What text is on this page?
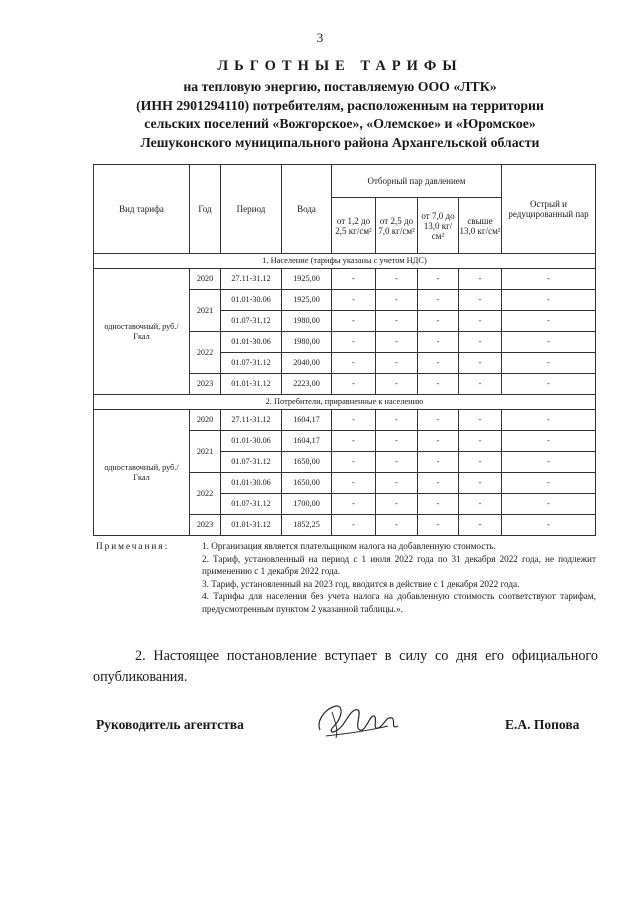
3
ЛЬГОТНЫЕ ТАРИФЫ
на тепловую энергию, поставляемую ООО «ЛТК»
(ИНН 2901294110) потребителям, расположенным на территории
сельских поселений «Вожгорское», «Олемское» и «Юромское»
Лешуконского муниципального района Архангельской области
Вид тарифа	Год	Период	Вода	Отборный пар давлением				Острый и редуцированный пар
				от 1,2 до 2,5 кг/см²	от 2,5 до 7,0 кг/см²	от 7,0 до 13,0 кг/см²	свыше 13,0 кг/см²	
1. Население (тарифы указаны с учетом НДС)								
одноставочный, руб./Гкал	2020	27.11-31.12	1925,00	-	-	-	-	-
	2021	01.01-30.06	1925,00	-	-	-	-	-
		01.07-31.12	1980,00	-	-	-	-	-
	2022	01.01-30.06	1980,00	-	-	-	-	-
		01.07-31.12	2040,00	-	-	-	-	-
	2023	01.01-31.12	2223,00	-	-	-	-	-
2. Потребители, приравненные к населению								
одноставочный, руб./Гкал	2020	27.11-31.12	1604,17	-	-	-	-	-
	2021	01.01-30.06	1604,17	-	-	-	-	-
		01.07-31.12	1650,00	-	-	-	-	-
	2022	01.01-30.06	1650,00	-	-	-	-	-
		01.07-31.12	1700,00	-	-	-	-	-
	2023	01.01-31.12	1852,25	-	-	-	-	-
Примечания:	1. Организация является плательщиком налога на добавленную стоимость.
2. Тариф, установленный на период с 1 июля 2022 года по 31 декабря 2022 года, не подлежит применению с 1 декабря 2022 года.
3. Тариф, установленный на 2023 год, вводится в действие с 1 декабря 2022 года.
4. Тарифы для населения без учета налога на добавленную стоимость соответствуют тарифам, предусмотренным пунктом 2 указанной таблицы.».
2. Настоящее постановление вступает в силу со дня его официального опубликования.
Руководитель агентства	Е.А. Попова
